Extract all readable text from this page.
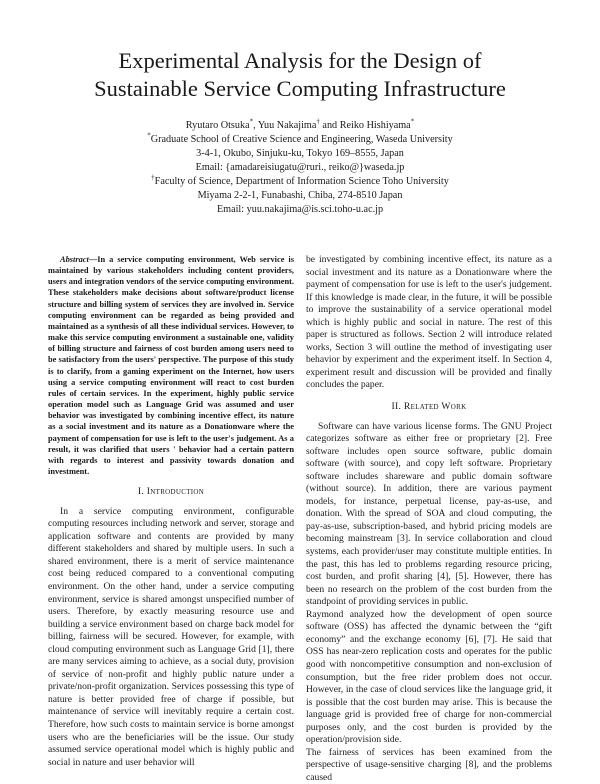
Experimental Analysis for the Design of
Sustainable Service Computing Infrastructure
Ryutaro Otsuka*, Yuu Nakajima† and Reiko Hishiyama*
*Graduate School of Creative Science and Engineering, Waseda University
3-4-1, Okubo, Sinjuku-ku, Tokyo 169–8555, Japan
Email: {amadareisiugatu@ruri., reiko@}waseda.jp
†Faculty of Science, Department of Information Science Toho University
Miyama 2-2-1, Funabashi, Chiba, 274-8510 Japan
Email: yuu.nakajima@is.sci.toho-u.ac.jp

Abstract—In a service computing environment, Web service is maintained by various stakeholders including content providers, users and integration vendors of the service computing environment. These stakeholders make decisions about software/product license structure and billing system of services they are involved in. Service computing environment can be regarded as being provided and maintained as a synthesis of all these individual services. However, to make this service computing environment a sustainable one, validity of billing structure and fairness of cost burden among users need to be satisfactory from the users' perspective. The purpose of this study is to clarify, from a gaming experiment on the Internet, how users using a service computing environment will react to cost burden rules of certain services. In the experiment, highly public service operation model such as Language Grid was assumed and user behavior was investigated by combining incentive effect, its nature as a social investment and its nature as a Donationware where the payment of compensation for use is left to the user's judgement. As a result, it was clarified that users ' behavior had a certain pattern with regards to interest and passivity towards donation and investment.

I. Introduction

In a service computing environment, configurable computing resources including network and server, storage and application software and contents are provided by many different stakeholders and shared by multiple users. In such a shared environment, there is a merit of service maintenance cost being reduced compared to a conventional computing environment. On the other hand, under a service computing environment, service is shared amongst unspecified number of users. Therefore, by exactly measuring resource use and building a service environment based on charge back model for billing, fairness will be secured. However, for example, with cloud computing environment such as Language Grid [1], there are many services aiming to achieve, as a social duty, provision of service of non-profit and highly public nature under a private/non-profit organization. Services possessing this type of nature is better provided free of charge if possible, but maintenance of service will inevitably require a certain cost. Therefore, how such costs to maintain service is borne amongst users who are the beneficiaries will be the issue. Our study assumed service operational model which is highly public and social in nature and user behavior will

be investigated by combining incentive effect, its nature as a social investment and its nature as a Donationware where the payment of compensation for use is left to the user's judgement. If this knowledge is made clear, in the future, it will be possible to improve the sustainability of a service operational model which is highly public and social in nature. The rest of this paper is structured as follows. Section 2 will introduce related works, Section 3 will outline the method of investigating user behavior by experiment and the experiment itself. In Section 4, experiment result and discussion will be provided and finally concludes the paper.

II. Related Work

Software can have various license forms. The GNU Project categorizes software as either free or proprietary [2]. Free software includes open source software, public domain software (with source), and copy left software. Proprietary software includes shareware and public domain software (without source). In addition, there are various payment models, for instance, perpetual license, pay-as-use, and donation. With the spread of SOA and cloud computing, the pay-as-use, subscription-based, and hybrid pricing models are becoming mainstream [3]. In service collaboration and cloud systems, each provider/user may constitute multiple entities. In the past, this has led to problems regarding resource pricing, cost burden, and profit sharing [4], [5]. However, there has been no research on the problem of the cost burden from the standpoint of providing services in public.

Raymond analyzed how the development of open source software (OSS) has affected the dynamic between the “gift economy” and the exchange economy [6], [7]. He said that OSS has near-zero replication costs and operates for the public good with noncompetitive consumption and non-exclusion of consumption, but the free rider problem does not occur. However, in the case of cloud services like the language grid, it is possible that the cost burden may arise. This is because the language grid is provided free of charge for non-commercial purposes only, and the cost burden is provided by the operation/provision side.

The fairness of services has been examined from the perspective of usage-sensitive charging [8], and the problems caused
